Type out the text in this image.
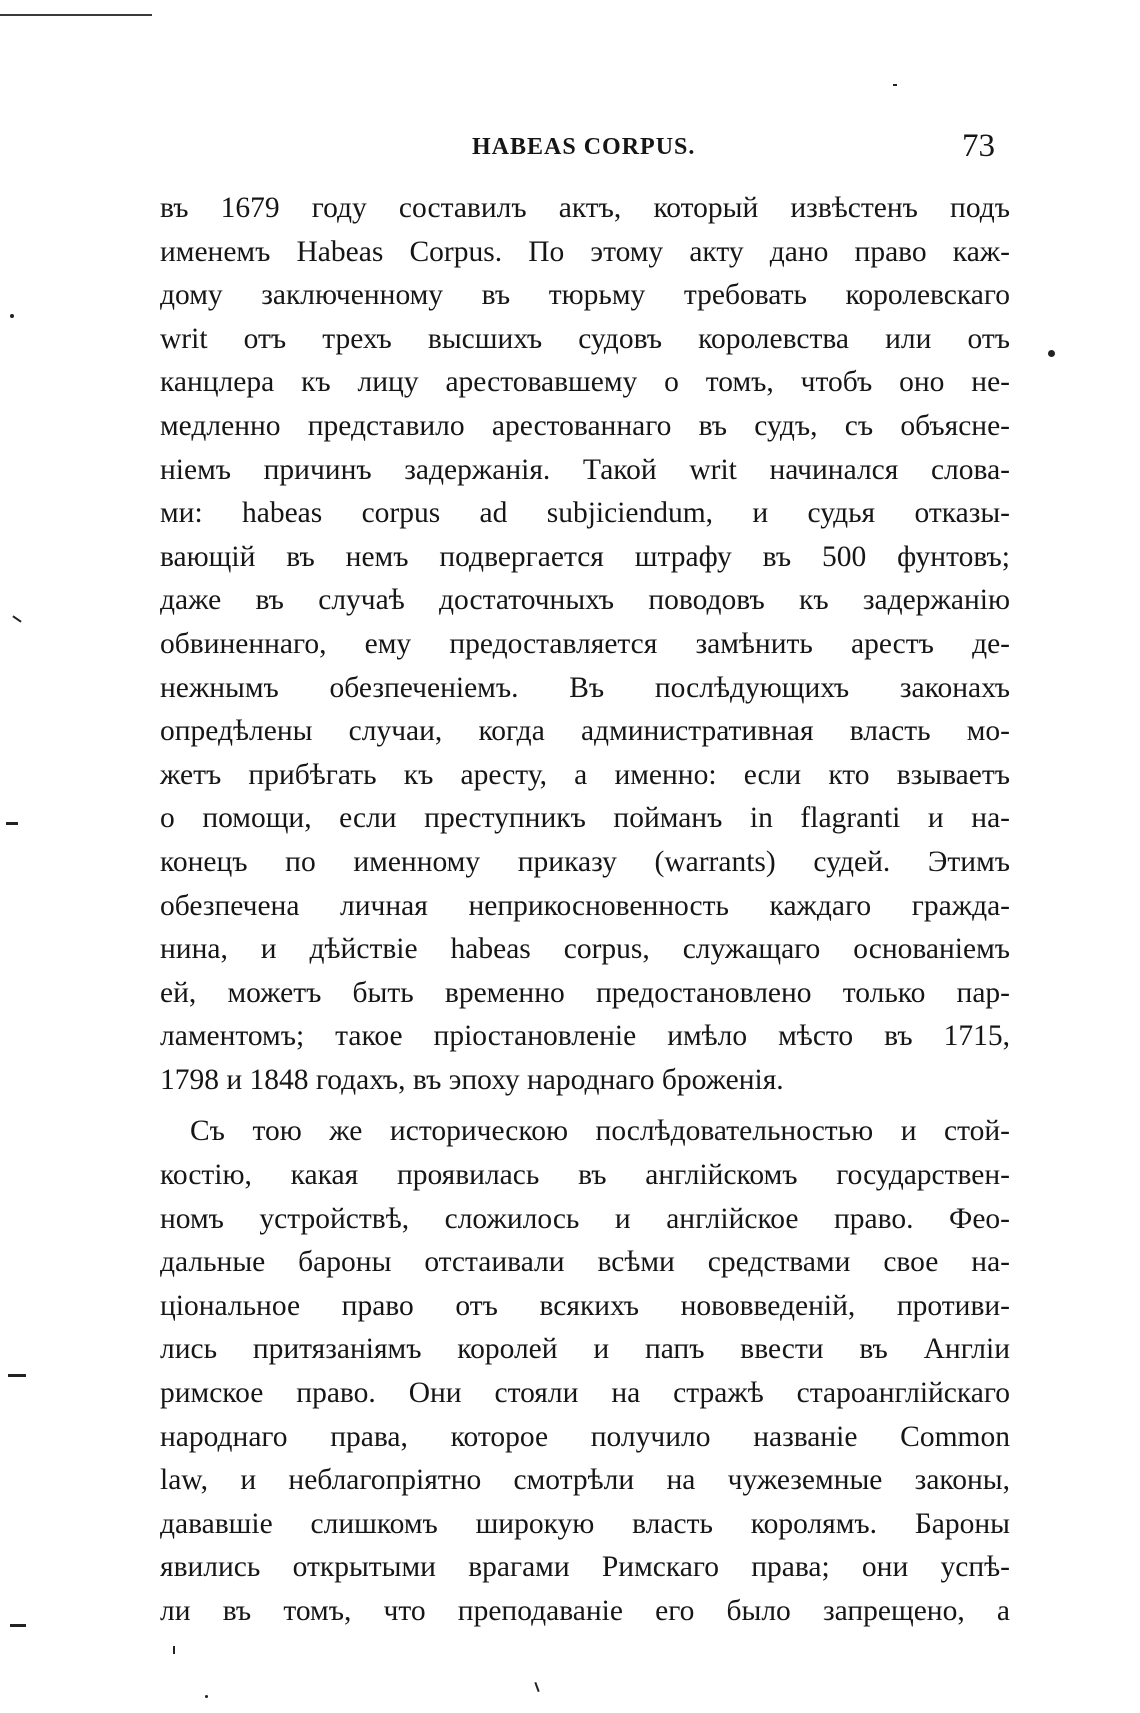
HABEAS CORPUS.	73
въ 1679 году составилъ актъ, который извѣстенъ подъ
именемъ Habeas Corpus. По этому акту дано право каж-
дому заключенному въ тюрьму требовать королевскаго
writ отъ трехъ высшихъ судовъ королевства или отъ
канцлера къ лицу арестовавшему о томъ, чтобъ оно не-
медленно представило арестованнаго въ судъ, съ объясне-
ніемъ причинъ задержанія. Такой writ начинался слова-
ми: habeas corpus ad subjiciendum, и судья отказы-
вающій въ немъ подвергается штрафу въ 500 фунтовъ;
даже въ случаѣ достаточныхъ поводовъ къ задержанію
обвиненнаго, ему предоставляется замѣнить арестъ де-
нежнымъ обезпеченіемъ. Въ послѣдующихъ законахъ
опредѣлены случаи, когда административная власть мо-
жетъ прибѣгать къ аресту, а именно: если кто взываетъ
о помощи, если преступникъ пойманъ in flagranti и на-
конецъ по именному приказу (warrants) судей. Этимъ
обезпечена личная неприкосновенность каждаго гражда-
нина, и дѣйствіе habeas corpus, служащаго основаніемъ
ей, можетъ быть временно предостановлено только пар-
ламентомъ; такое пріостановленіе имѣло мѣсто въ 1715,
1798 и 1848 годахъ, въ эпоху народнаго броженія.
Съ тою же историческою послѣдовательностью и стой-
костію, какая проявилась въ англійскомъ государствен-
номъ устройствѣ, сложилось и англійское право. Фео-
дальные бароны отстаивали всѣми средствами свое на-
ціональное право отъ всякихъ нововведеній, противи-
лись притязаніямъ королей и папъ ввести въ Англіи
римское право. Они стояли на стражѣ староанглійскаго
народнаго права, которое получило названіе Common
law, и неблагопріятно смотрѣли на чужеземные законы,
дававшіе слишкомъ широкую власть королямъ. Бароны
явились открытыми врагами Римскаго права; они успѣ-
ли въ томъ, что преподаваніе его было запрещено, а
